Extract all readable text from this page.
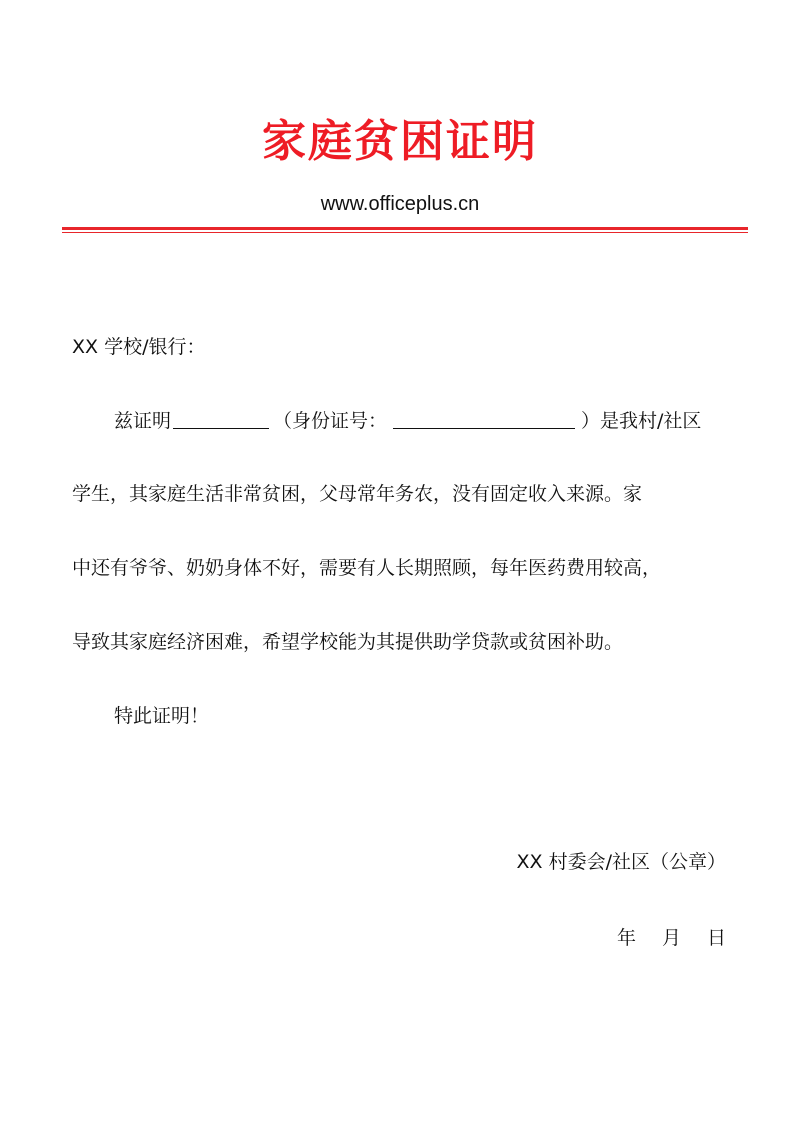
家庭贫困证明
www.officeplus.cn
XX 学校/银行：
兹证明	（身份证号：	）是我村/社区
学生，其家庭生活非常贫困，父母常年务农，没有固定收入来源。家
中还有爷爷、奶奶身体不好，需要有人长期照顾，每年医药费用较高，
导致其家庭经济困难，希望学校能为其提供助学贷款或贫困补助。
特此证明！
XX 村委会/社区（公章）
年 月 日
